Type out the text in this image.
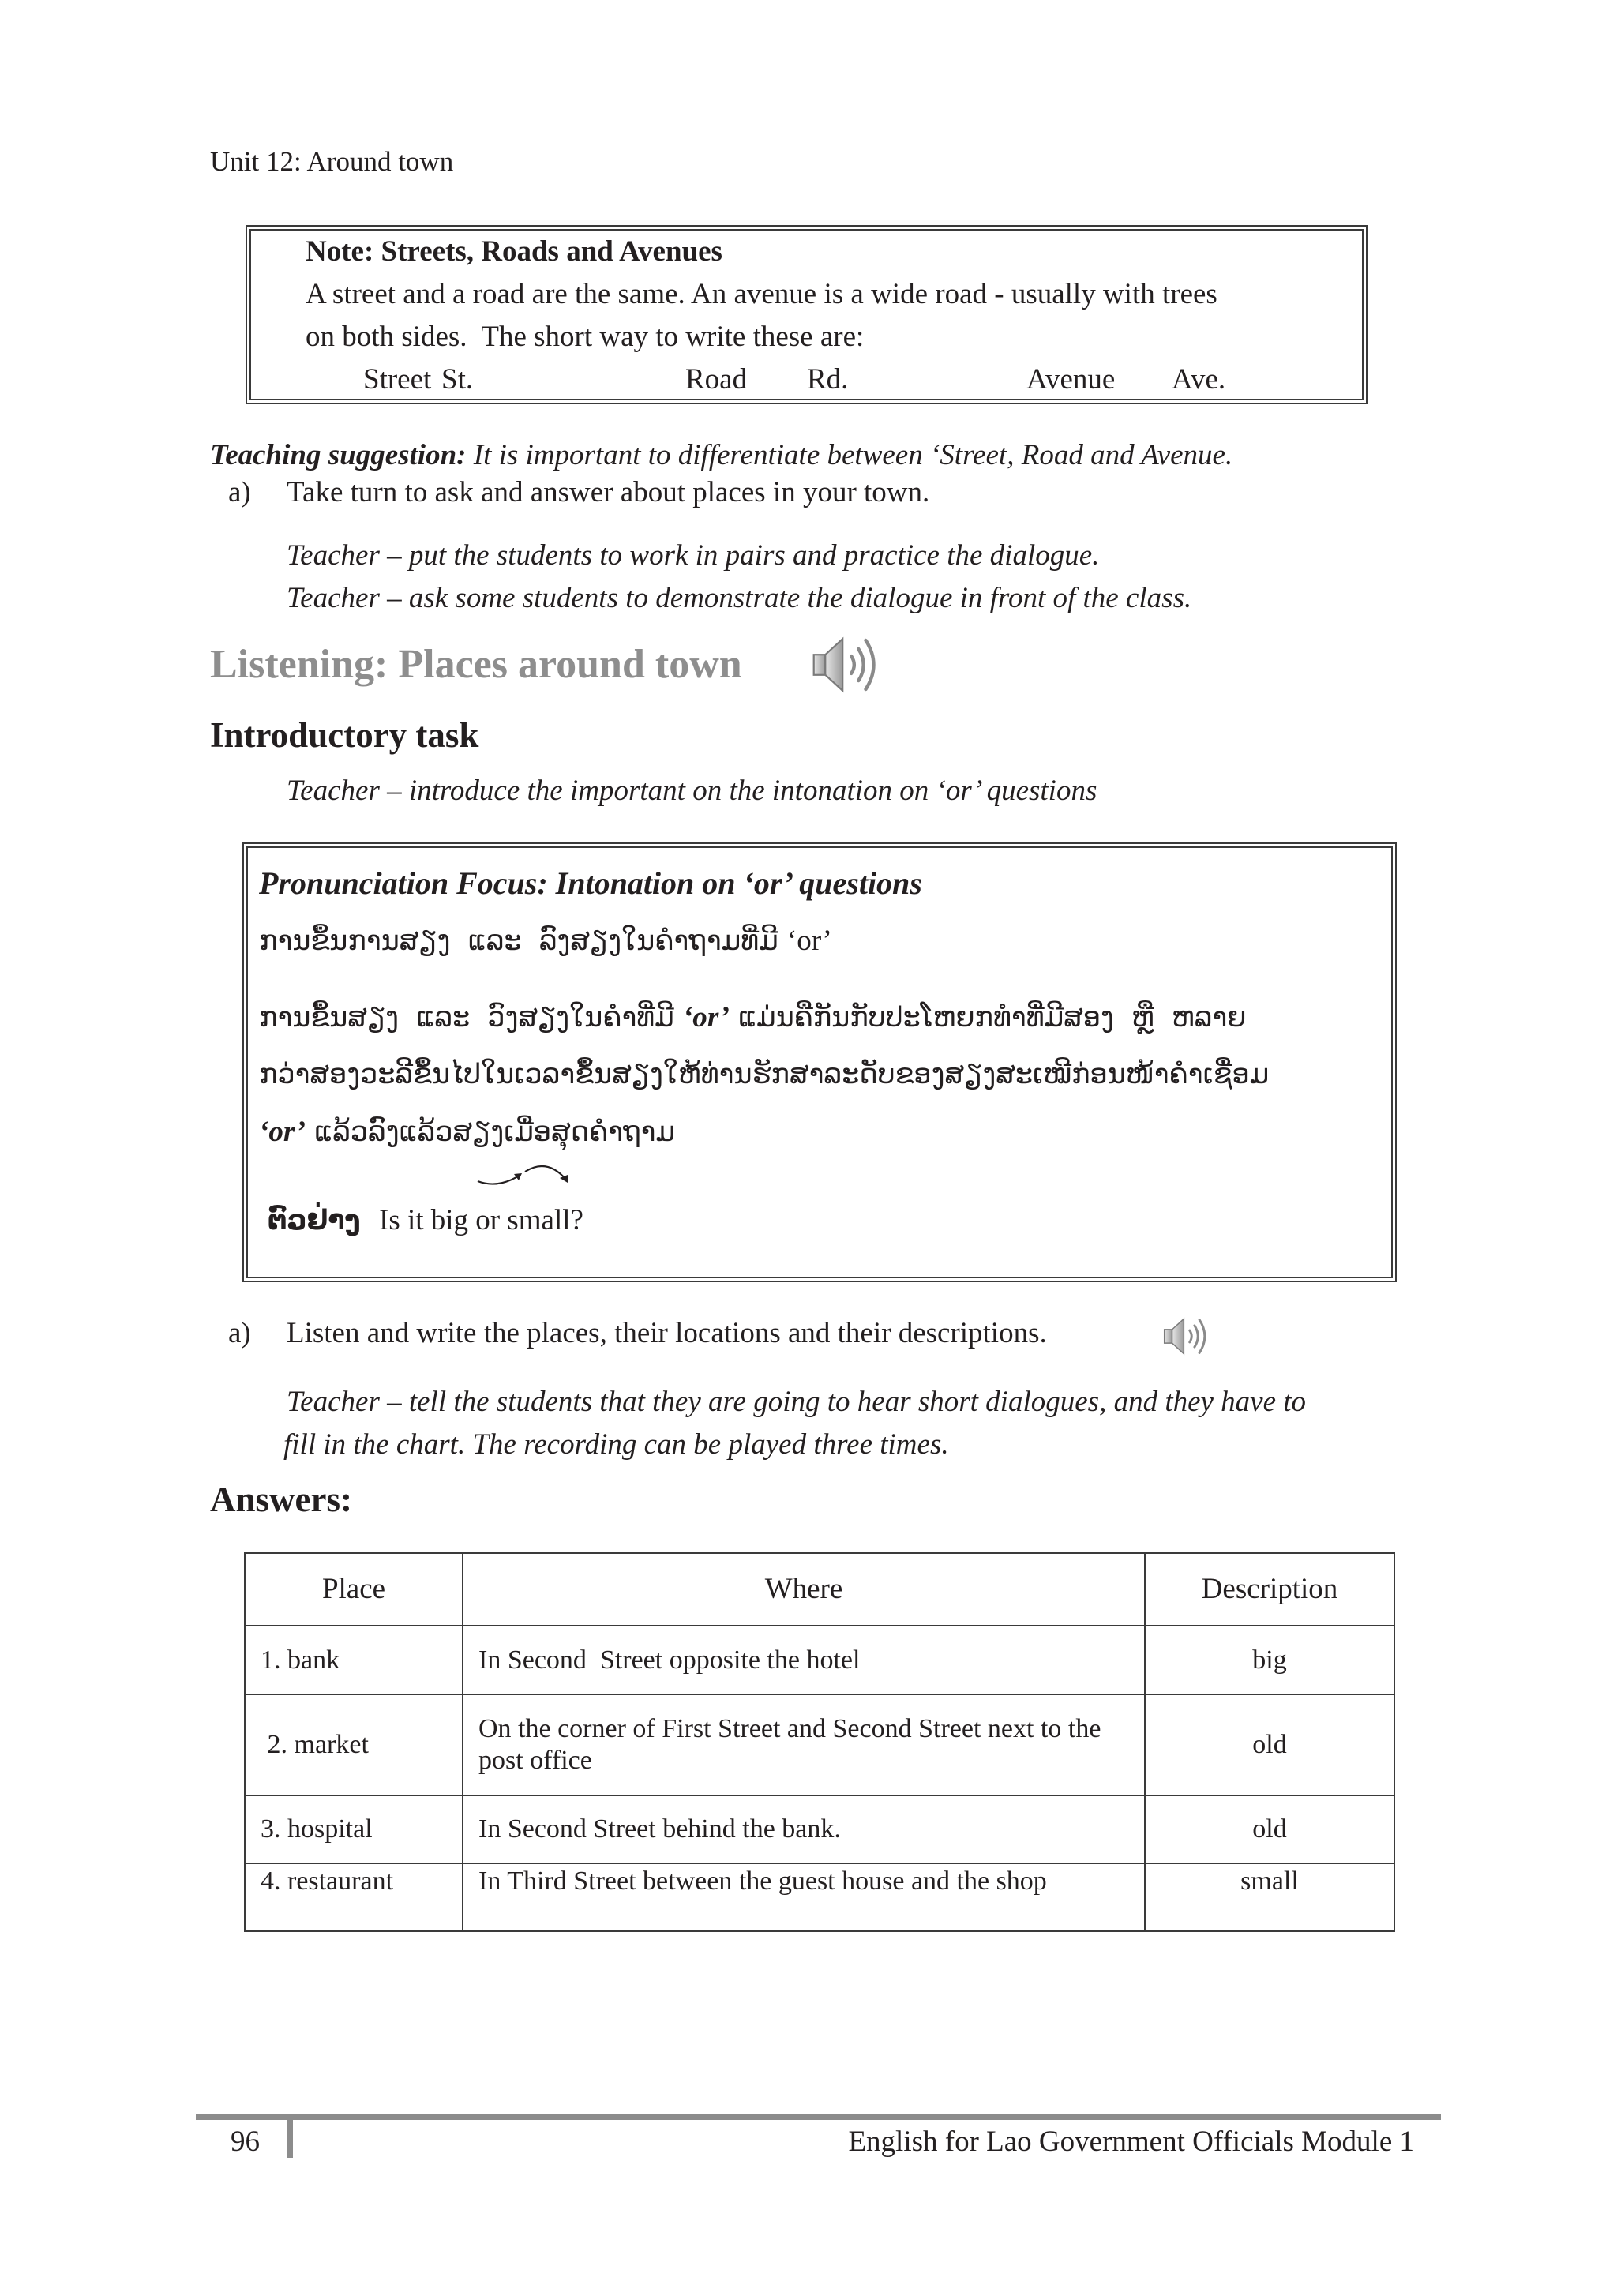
Unit 12: Around town
Note: Streets, Roads and Avenues
A street and a road are the same. An avenue is a wide road - usually with trees
on both sides.  The short way to write these are:

Street

St.

	Road

Rd.

	Avenue

Ave.

Teaching suggestion: It is important to differentiate between ‘Street, Road and Avenue.
a) Take turn to ask and answer about places in your town.
Teacher – put the students to work in pairs and practice the dialogue.
Teacher – ask some students to demonstrate the dialogue in front of the class.
Listening: Places around town
Introductory task
Teacher – introduce the important on the intonation on ‘or’ questions
Pronunciation Focus: Intonation on ‘or’ questions
ການຂຶ້ນການສຽງ  ແລະ  ລົງສຽງໃນຄໍາຖາມທີ່ມີ ‘or’
ການຂຶ້ນສຽງ  ແລະ  ວົງສຽງໃນຄໍາທີ່ມີ ‘or’ ແມ່ນຄືກັນກັບປະໂຫຍກທໍາທີ່ມີສອງ  ຫຼື  ຫລາຍ
ກວ່າສອງວະລີຂຶ້ນໄປໃນເວລາຂຶ້ນສຽງໃຫ້ທ່ານຮັກສາລະດັບຂອງສຽງສະເໝີກ່ອນໜ້າຄໍາເຊື່ອມ
‘or’ ແລ້ວລົງແລ້ວສຽງເມື່ອສຸດຄໍາຖາມ
ຕົວຢ່າງ Is it big or small?
a) Listen and write the places, their locations and their descriptions.
Teacher – tell the students that they are going to hear short dialogues, and they have to
fill in the chart. The recording can be played three times.
Answers:
Place	Where	Description
1. bank	In Second  Street opposite the hotel	big
2. market	On the corner of First Street and Second Street next to the post office	old
3. hospital	In Second Street behind the bank.	old
4. restaurant	In Third Street between the guest house and the shop	small
96	English for Lao Government Officials Module 1
